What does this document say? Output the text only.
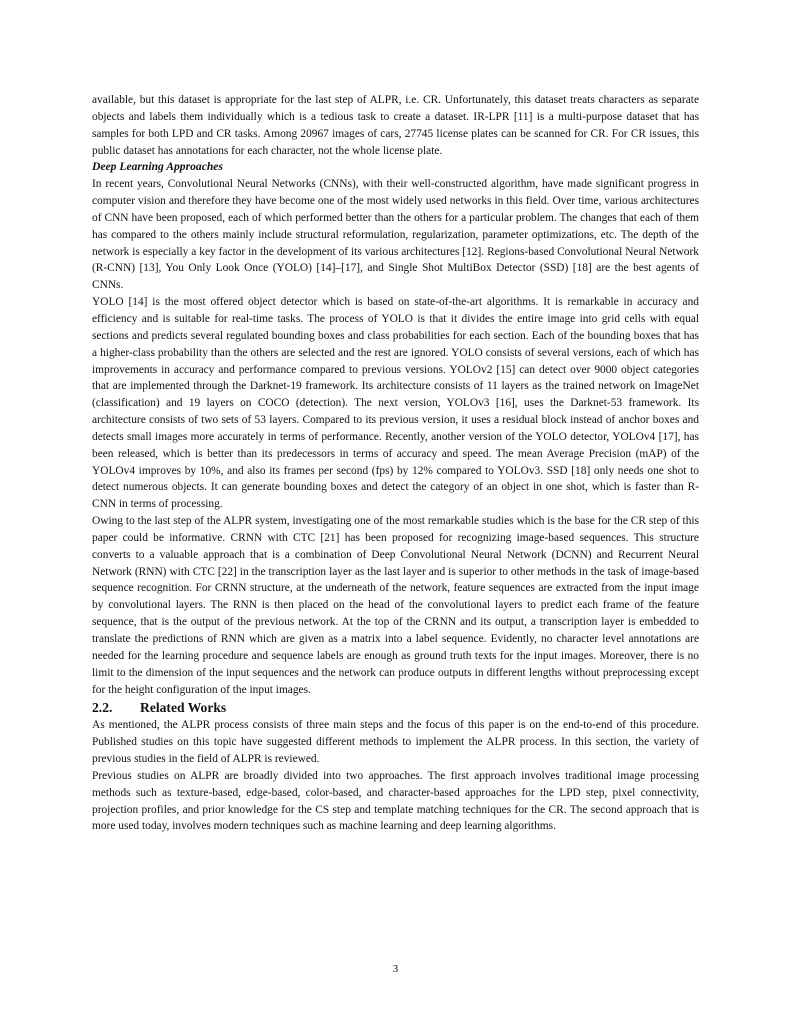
available, but this dataset is appropriate for the last step of ALPR, i.e. CR. Unfortunately, this dataset treats characters as separate objects and labels them individually which is a tedious task to create a dataset. IR-LPR [11] is a multi-purpose dataset that has samples for both LPD and CR tasks. Among 20967 images of cars, 27745 license plates can be scanned for CR. For CR issues, this public dataset has annotations for each character, not the whole license plate.

Deep Learning Approaches

In recent years, Convolutional Neural Networks (CNNs), with their well-constructed algorithm, have made significant progress in computer vision and therefore they have become one of the most widely used networks in this field. Over time, various architectures of CNN have been proposed, each of which performed better than the others for a particular problem. The changes that each of them has compared to the others mainly include structural reformulation, regularization, parameter optimizations, etc. The depth of the network is especially a key factor in the development of its various architectures [12]. Regions-based Convolutional Neural Network (R-CNN) [13], You Only Look Once (YOLO) [14]–[17], and Single Shot MultiBox Detector (SSD) [18] are the best agents of CNNs.

YOLO [14] is the most offered object detector which is based on state-of-the-art algorithms. It is remarkable in accuracy and efficiency and is suitable for real-time tasks. The process of YOLO is that it divides the entire image into grid cells with equal sections and predicts several regulated bounding boxes and class probabilities for each section. Each of the bounding boxes that has a higher-class probability than the others are selected and the rest are ignored. YOLO consists of several versions, each of which has improvements in accuracy and performance compared to previous versions. YOLOv2 [15] can detect over 9000 object categories that are implemented through the Darknet-19 framework. Its architecture consists of 11 layers as the trained network on ImageNet (classification) and 19 layers on COCO (detection). The next version, YOLOv3 [16], uses the Darknet-53 framework. Its architecture consists of two sets of 53 layers. Compared to its previous version, it uses a residual block instead of anchor boxes and detects small images more accurately in terms of performance. Recently, another version of the YOLO detector, YOLOv4 [17], has been released, which is better than its predecessors in terms of accuracy and speed. The mean Average Precision (mAP) of the YOLOv4 improves by 10%, and also its frames per second (fps) by 12% compared to YOLOv3. SSD [18] only needs one shot to detect numerous objects. It can generate bounding boxes and detect the category of an object in one shot, which is faster than R-CNN in terms of processing.

Owing to the last step of the ALPR system, investigating one of the most remarkable studies which is the base for the CR step of this paper could be informative. CRNN with CTC [21] has been proposed for recognizing image-based sequences. This structure converts to a valuable approach that is a combination of Deep Convolutional Neural Network (DCNN) and Recurrent Neural Network (RNN) with CTC [22] in the transcription layer as the last layer and is superior to other methods in the task of image-based sequence recognition. For CRNN structure, at the underneath of the network, feature sequences are extracted from the input image by convolutional layers. The RNN is then placed on the head of the convolutional layers to predict each frame of the feature sequence, that is the output of the previous network. At the top of the CRNN and its output, a transcription layer is embedded to translate the predictions of RNN which are given as a matrix into a label sequence. Evidently, no character level annotations are needed for the learning procedure and sequence labels are enough as ground truth texts for the input images. Moreover, there is no limit to the dimension of the input sequences and the network can produce outputs in different lengths without preprocessing except for the height configuration of the input images.

2.2.	Related Works

As mentioned, the ALPR process consists of three main steps and the focus of this paper is on the end-to-end of this procedure. Published studies on this topic have suggested different methods to implement the ALPR process. In this section, the variety of previous studies in the field of ALPR is reviewed.

Previous studies on ALPR are broadly divided into two approaches. The first approach involves traditional image processing methods such as texture-based, edge-based, color-based, and character-based approaches for the LPD step, pixel connectivity, projection profiles, and prior knowledge for the CS step and template matching techniques for the CR. The second approach that is more used today, involves modern techniques such as machine learning and deep learning algorithms.

3
